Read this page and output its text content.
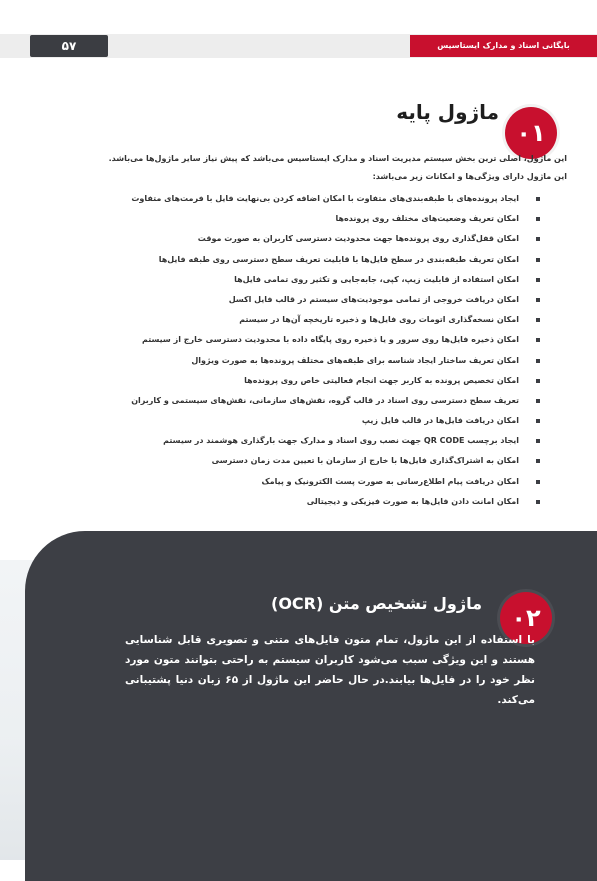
۵۷	بایگانی اسناد و مدارک ایستاسیس
۰۱
ماژول پایه

این ماژول، اصلی ترین بخش سیستم مدیریت اسناد و مدارک ایستاسیس می‌باشد که پیش نیاز سایر ماژول‌ها می‌باشد.

این ماژول دارای ویژگی‌ها و امکانات زیر می‌باشد:

ایجاد پرونده‌های با طبقه‌بندی‌های متفاوت با امکان اضافه کردن بی‌نهایت فایل با فرمت‌های متفاوت
امکان تعریف وضعیت‌های مختلف روی پرونده‌ها
امکان قفل‌گذاری روی پرونده‌ها جهت محدودیت دسترسی کاربران به صورت موقت
امکان تعریف طبقه‌بندی در سطح فایل‌ها با قابلیت تعریف سطح دسترسی روی طبقه فایل‌ها
امکان استفاده از قابلیت زیپ، کپی، جابه‌جایی و تکثیر روی تمامی فایل‌ها
امکان دریافت خروجی از تمامی موجودیت‌های سیستم در قالب فایل اکسل
امکان نسخه‌گذاری اتومات روی فایل‌ها و ذخیره تاریخچه آن‌ها در سیستم
امکان ذخیره فایل‌ها روی سرور و یا ذخیره روی پایگاه داده با محدودیت دسترسی خارج از سیستم
امکان تعریف ساختار ایجاد شناسه برای طبقه‌های مختلف پرونده‌ها به صورت ویژوال
امکان تخصیص پرونده به کاربر جهت انجام فعالیتی خاص روی پرونده‌ها
تعریف سطح دسترسی روی اسناد در قالب گروه، نقش‌های سازمانی، نقش‌های سیستمی و کاربران
امکان دریافت فایل‌ها در قالب فایل زیپ
ایجاد برچسب QR CODE جهت نصب روی اسناد و مدارک جهت بارگذاری هوشمند در سیستم
امکان به اشتراک‌گذاری فایل‌ها با خارج از سازمان با تعیین مدت زمان دسترسی
امکان دریافت پیام اطلاع‌رسانی به صورت پست الکترونیک و پیامک
امکان امانت دادن فایل‌ها به صورت فیزیکی و دیجیتالی
۰۲
ماژول تشخیص متن (OCR)
با استفاده از این ماژول، تمام متون فایل‌های متنی و تصویری قابل شناسایی هستند و این ویژگی سبب می‌شود کاربران سیستم به راحتی بتوانند متون مورد نظر خود را در فایل‌ها بیابند.در حال حاضر این ماژول از ۶۵ زبان دنیا پشتیبانی می‌کند.
